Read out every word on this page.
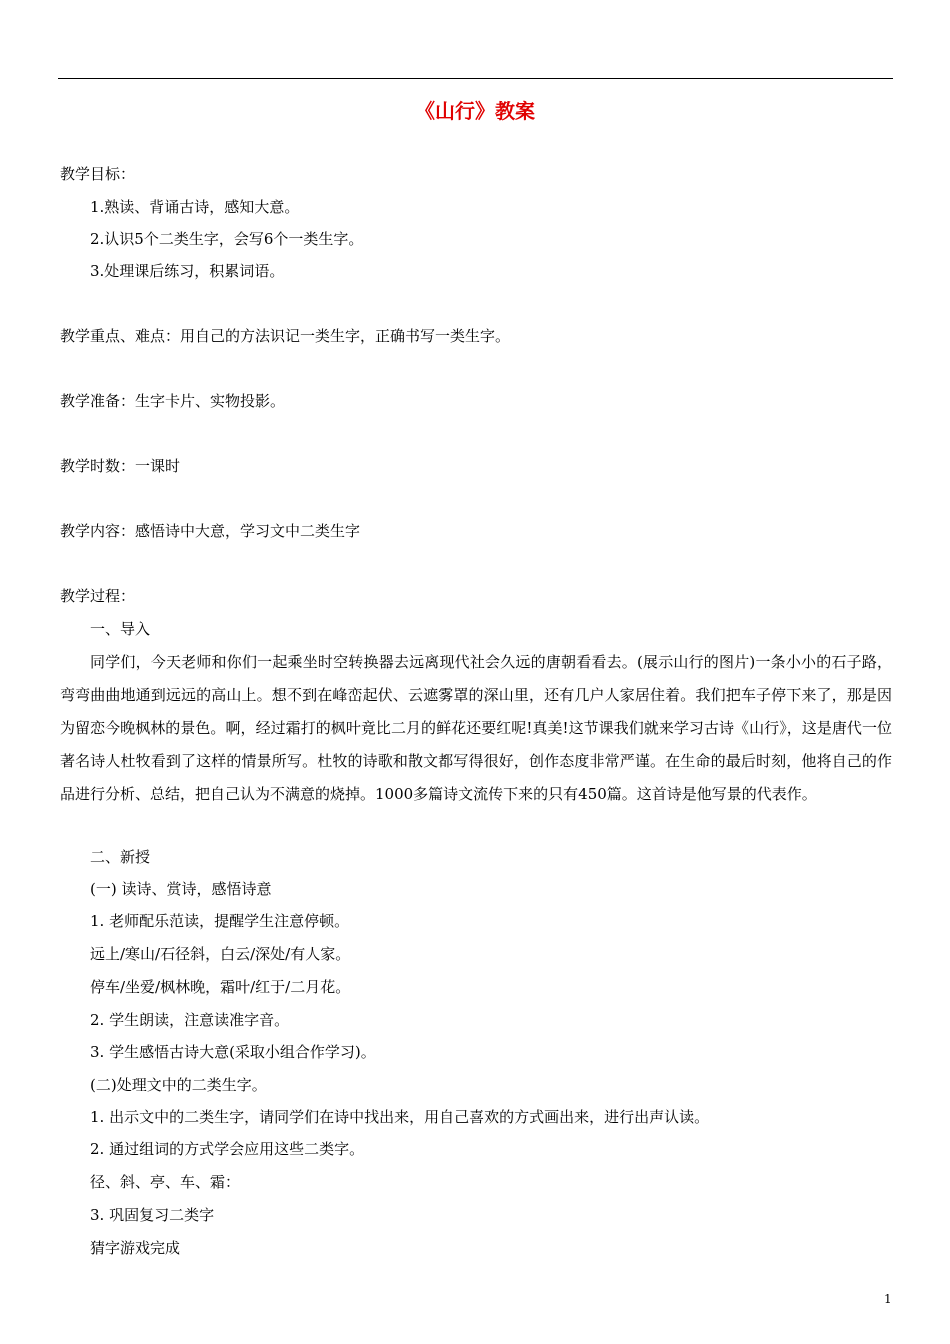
《山行》教案
教学目标：
1.熟读、背诵古诗，感知大意。
2.认识5个二类生字，会写6个一类生字。
3.处理课后练习，积累词语。
教学重点、难点：用自己的方法识记一类生字，正确书写一类生字。
教学准备：生字卡片、实物投影。
教学时数：一课时
教学内容：感悟诗中大意，学习文中二类生字
教学过程：
一、导入
同学们，今天老师和你们一起乘坐时空转换器去远离现代社会久远的唐朝看看去。(展示山行的图片)一条小小的石子路，弯弯曲曲地通到远远的高山上。想不到在峰峦起伏、云遮雾罩的深山里，还有几户人家居住着。我们把车子停下来了，那是因为留恋今晚枫林的景色。啊，经过霜打的枫叶竟比二月的鲜花还要红呢!真美!这节课我们就来学习古诗《山行》，这是唐代一位著名诗人杜牧看到了这样的情景所写。杜牧的诗歌和散文都写得很好，创作态度非常严谨。在生命的最后时刻，他将自己的作品进行分析、总结，把自己认为不满意的烧掉。1000多篇诗文流传下来的只有450篇。这首诗是他写景的代表作。
二、新授
(一) 读诗、赏诗，感悟诗意
1. 老师配乐范读，提醒学生注意停顿。
远上/寒山/石径斜，白云/深处/有人家。
停车/坐爱/枫林晚，霜叶/红于/二月花。
2. 学生朗读，注意读准字音。
3. 学生感悟古诗大意(采取小组合作学习)。
(二)处理文中的二类生字。
1. 出示文中的二类生字，请同学们在诗中找出来，用自己喜欢的方式画出来，进行出声认读。
2. 通过组词的方式学会应用这些二类字。
径、斜、亭、车、霜：
3. 巩固复习二类字
猜字游戏完成
1
